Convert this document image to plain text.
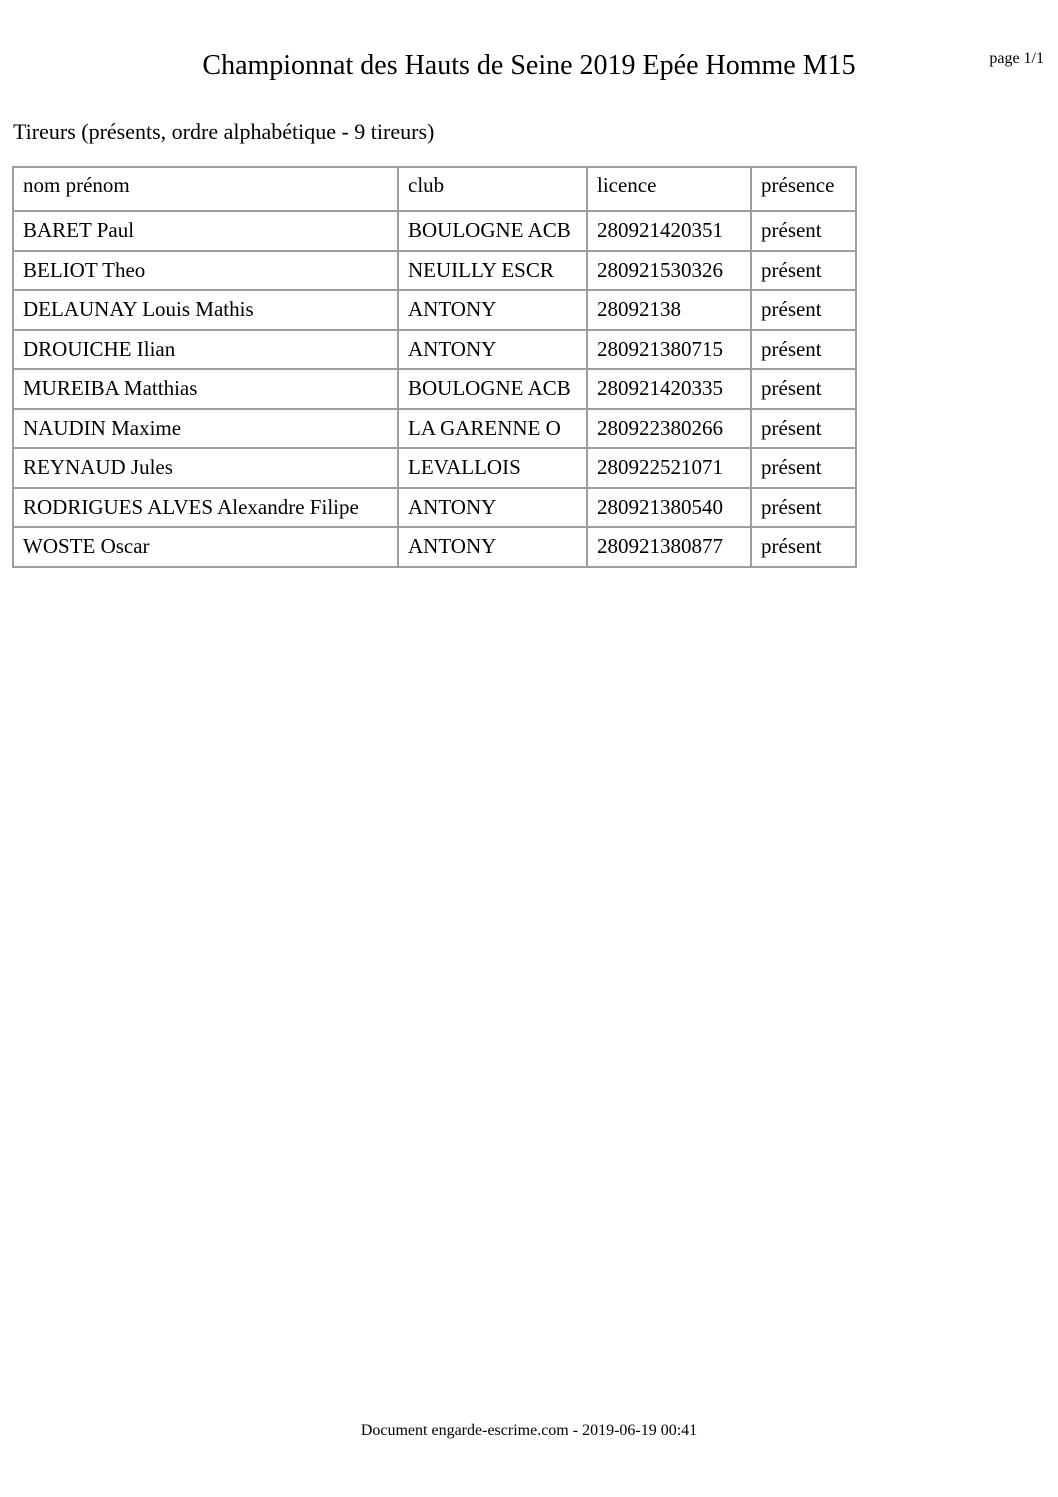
Championnat des Hauts de Seine 2019 Epée Homme M15	page 1/1
Tireurs (présents, ordre alphabétique - 9 tireurs)
nom prénom	club	licence	présence
BARET Paul	BOULOGNE ACB	280921420351	présent
BELIOT Theo	NEUILLY ESCR	280921530326	présent
DELAUNAY Louis Mathis	ANTONY	28092138	présent
DROUICHE Ilian	ANTONY	280921380715	présent
MUREIBA Matthias	BOULOGNE ACB	280921420335	présent
NAUDIN Maxime	LA GARENNE O	280922380266	présent
REYNAUD Jules	LEVALLOIS	280922521071	présent
RODRIGUES ALVES Alexandre Filipe	ANTONY	280921380540	présent
WOSTE Oscar	ANTONY	280921380877	présent
Document engarde-escrime.com - 2019-06-19 00:41
